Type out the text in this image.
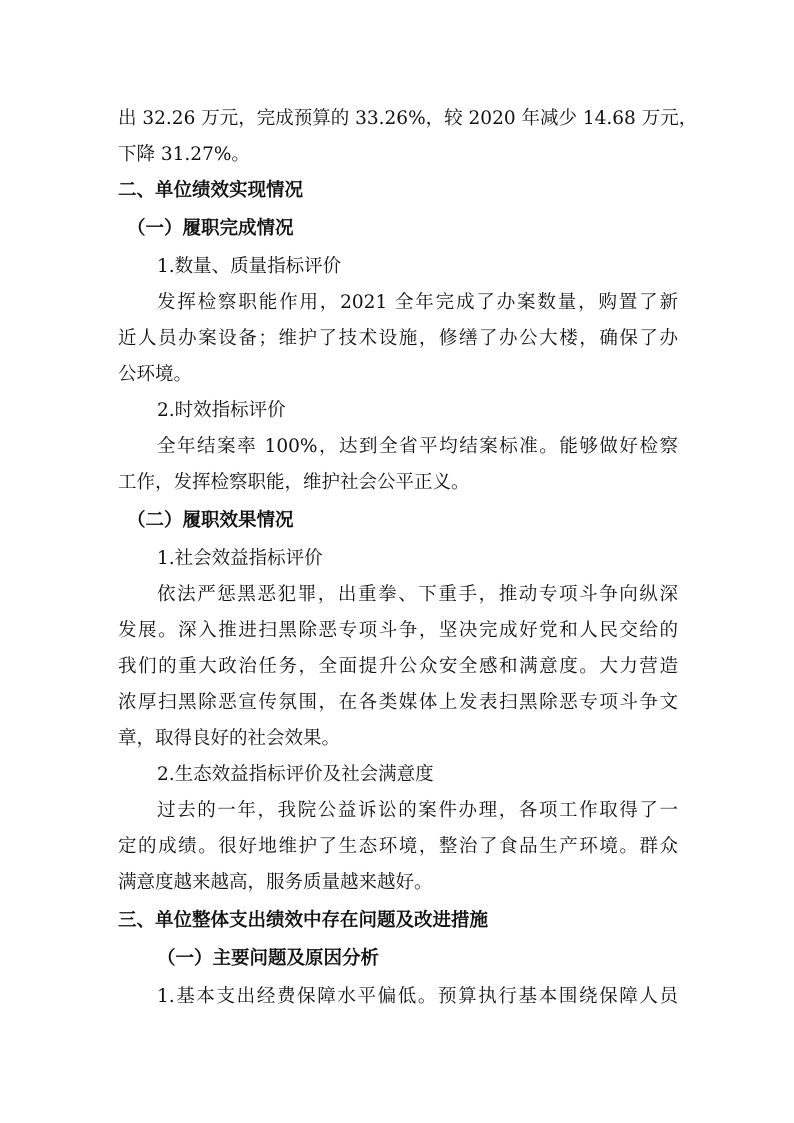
出 32.26 万元，完成预算的 33.26%，较 2020 年减少 14.68 万元，
下降 31.27%。
二、单位绩效实现情况
（一）履职完成情况
1.数量、质量指标评价
发挥检察职能作用，2021 全年完成了办案数量，购置了新
近人员办案设备；维护了技术设施，修缮了办公大楼，确保了办
公环境。
2.时效指标评价
全年结案率 100%，达到全省平均结案标准。能够做好检察
工作，发挥检察职能，维护社会公平正义。
（二）履职效果情况
1.社会效益指标评价
依法严惩黑恶犯罪，出重拳、下重手，推动专项斗争向纵深
发展。深入推进扫黑除恶专项斗争，坚决完成好党和人民交给的
我们的重大政治任务，全面提升公众安全感和满意度。大力营造
浓厚扫黑除恶宣传氛围，在各类媒体上发表扫黑除恶专项斗争文
章，取得良好的社会效果。
2.生态效益指标评价及社会满意度
过去的一年，我院公益诉讼的案件办理，各项工作取得了一
定的成绩。很好地维护了生态环境，整治了食品生产环境。群众
满意度越来越高，服务质量越来越好。
三、单位整体支出绩效中存在问题及改进措施
（一）主要问题及原因分析
1.基本支出经费保障水平偏低。预算执行基本围绕保障人员
